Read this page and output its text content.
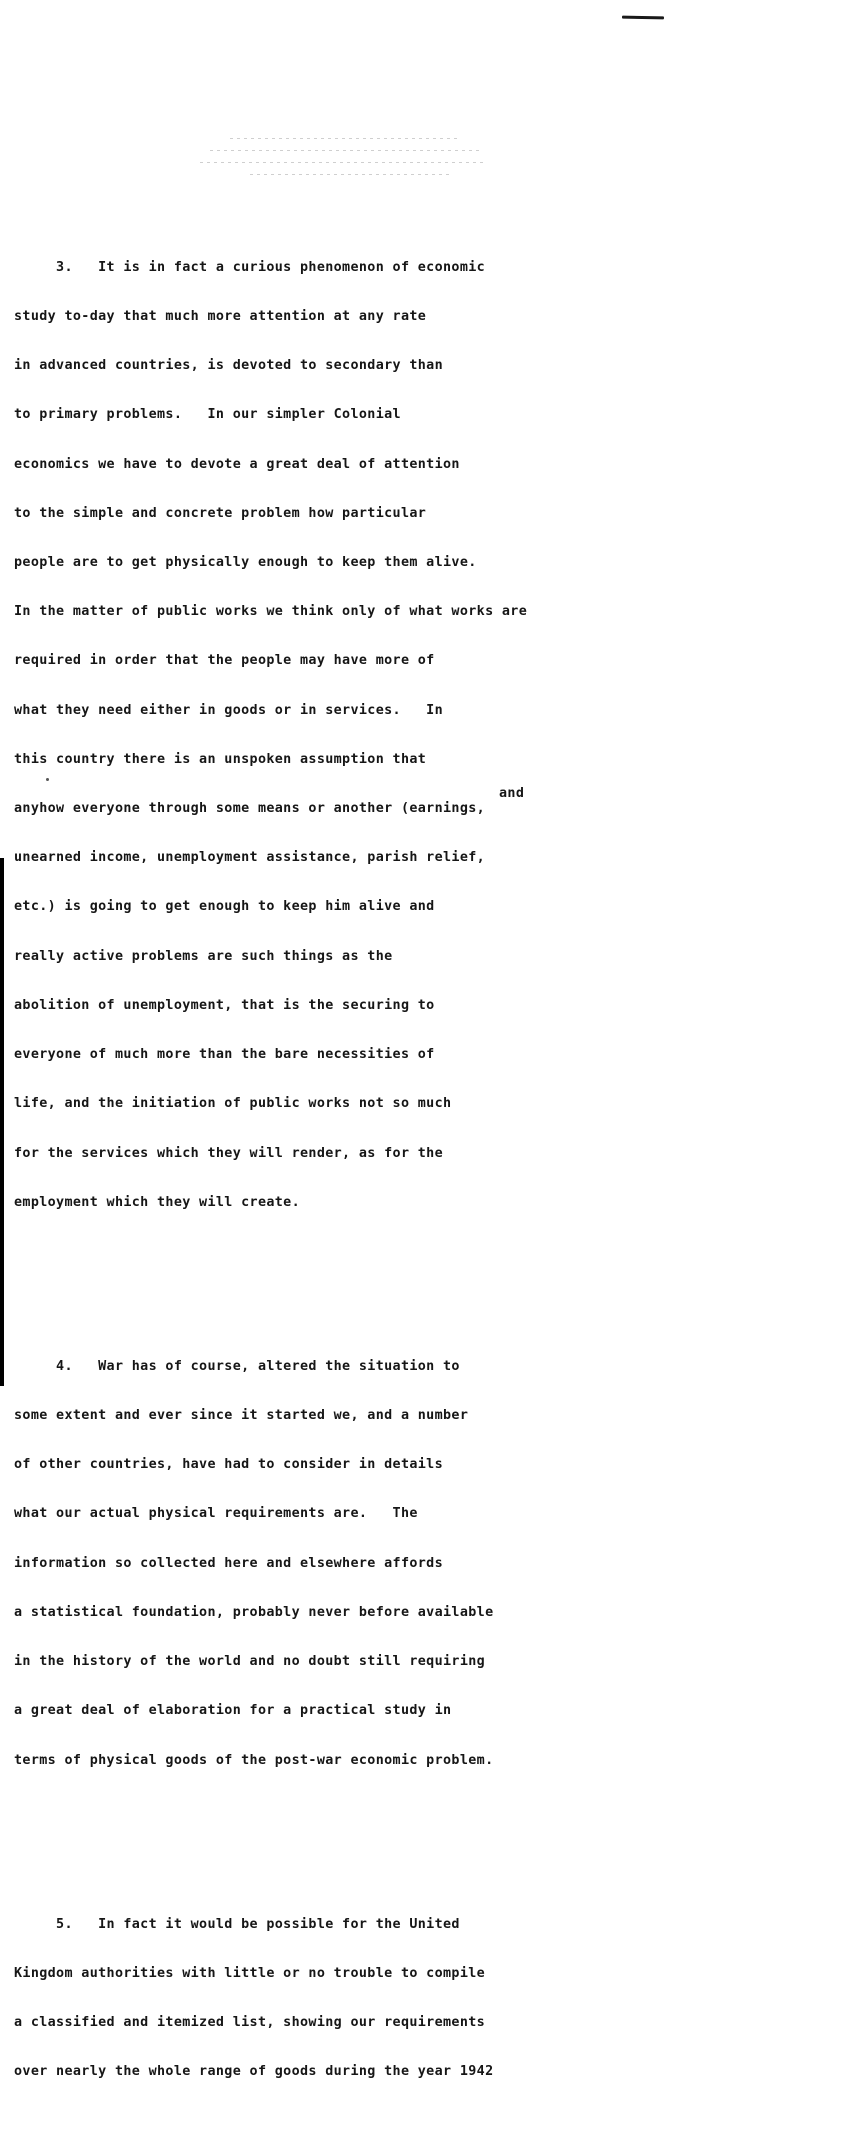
3.   It is in fact a curious phenomenon of economic

study to-day that much more attention at any rate

in advanced countries, is devoted to secondary than

to primary problems.   In our simpler Colonial

economics we have to devote a great deal of attention

to the simple and concrete problem how particular

people are to get physically enough to keep them alive.

In the matter of public works we think only of what works are

required in order that the people may have more of

what they need either in goods or in services.   In

this country there is an unspoken assumption that

anyhow everyone through some means or another (earnings,

unearned income, unemployment assistance, parish relief,

etc.) is going to get enough to keep him alive and

really active problems are such things as the

abolition of unemployment, that is the securing to

everyone of much more than the bare necessities of

life, and the initiation of public works not so much

for the services which they will render, as for the

employment which they will create.

4.   War has of course, altered the situation to

some extent and ever since it started we, and a number

of other countries, have had to consider in details

what our actual physical requirements are.   The

information so collected here and elsewhere affords

a statistical foundation, probably never before available

in the history of the world and no doubt still requiring

a great deal of elaboration for a practical study in

terms of physical goods of the post-war economic problem.

5.   In fact it would be possible for the United

Kingdom authorities with little or no trouble to compile

a classified and itemized list, showing our requirements

over nearly the whole range of goods during the year 1942

and
